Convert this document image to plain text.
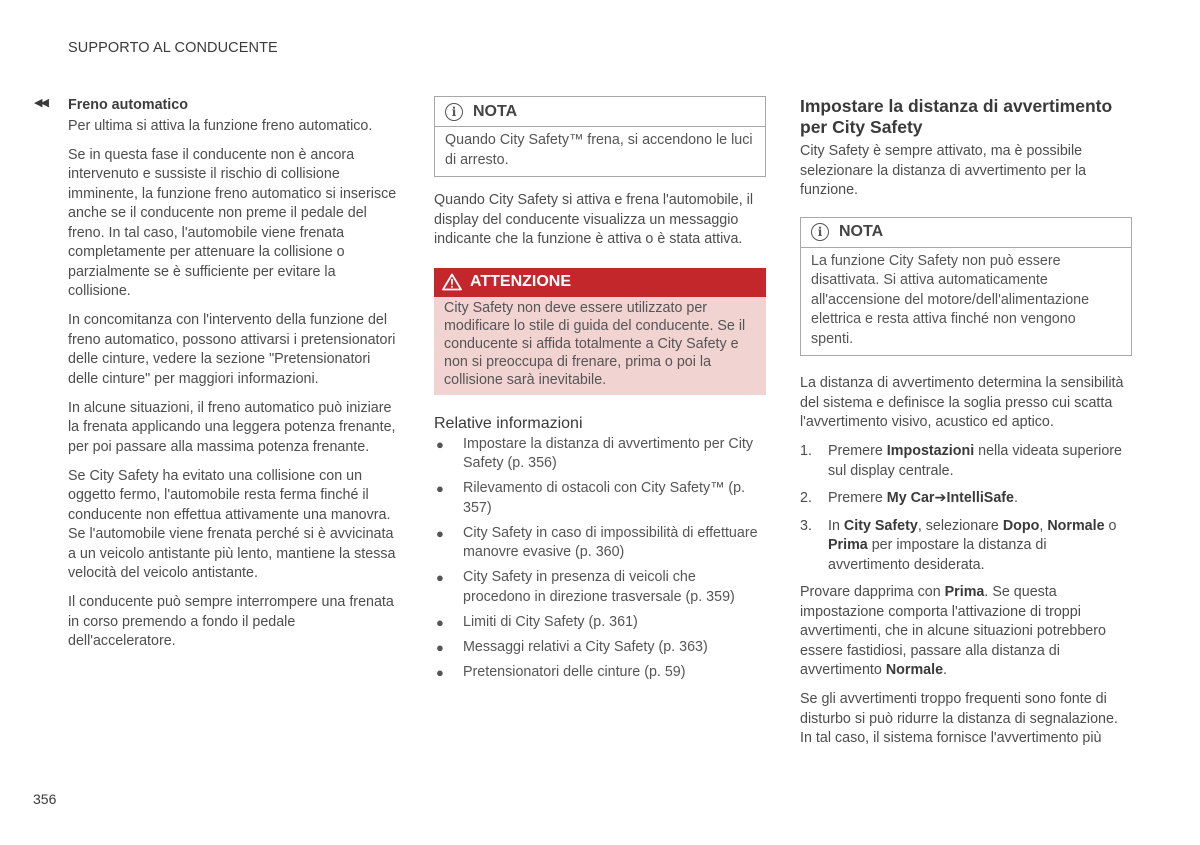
SUPPORTO AL CONDUCENTE
◀◀ Freno automatico

Per ultima si attiva la funzione freno automatico.

Se in questa fase il conducente non è ancora intervenuto e sussiste il rischio di collisione imminente, la funzione freno automatico si inserisce anche se il conducente non preme il pedale del freno. In tal caso, l'automobile viene frenata completamente per attenuare la collisione o parzialmente se è sufficiente per evitare la collisione.

In concomitanza con l'intervento della funzione del freno automatico, possono attivarsi i pretensionatori delle cinture, vedere la sezione "Pretensionatori delle cinture" per maggiori informazioni.

In alcune situazioni, il freno automatico può iniziare la frenata applicando una leggera potenza frenante, per poi passare alla massima potenza frenante.

Se City Safety ha evitato una collisione con un oggetto fermo, l'automobile resta ferma finché il conducente non effettua attivamente una manovra. Se l'automobile viene frenata perché si è avvicinata a un veicolo antistante più lento, mantiene la stessa velocità del veicolo antistante.

Il conducente può sempre interrompere una frenata in corso premendo a fondo il pedale dell'acceleratore.

i	NOTA
Quando City Safety™ frena, si accendono le luci di arresto.

Quando City Safety si attiva e frena l'automobile, il display del conducente visualizza un messaggio indicante che la funzione è attiva o è stata attiva.

ATTENZIONE
City Safety non deve essere utilizzato per modificare lo stile di guida del conducente. Se il conducente si affida totalmente a City Safety e non si preoccupa di frenare, prima o poi la collisione sarà inevitabile.
Relative informazioni
● Impostare la distanza di avvertimento per City Safety (p. 356)
● Rilevamento di ostacoli con City Safety™ (p. 357)
● City Safety in caso di impossibilità di effettuare manovre evasive (p. 360)
● City Safety in presenza di veicoli che procedono in direzione trasversale (p. 359)
● Limiti di City Safety (p. 361)
● Messaggi relativi a City Safety (p. 363)
● Pretensionatori delle cinture (p. 59)
Impostare la distanza di avvertimento per City Safety

City Safety è sempre attivato, ma è possibile selezionare la distanza di avvertimento per la funzione.

i	NOTA
La funzione City Safety non può essere disattivata. Si attiva automaticamente all'accensione del motore/dell'alimentazione elettrica e resta attiva finché non vengono spenti.

La distanza di avvertimento determina la sensibilità del sistema e definisce la soglia presso cui scatta l'avvertimento visivo, acustico ed aptico.

1. Premere Impostazioni nella videata superiore sul display centrale.
2. Premere My Car➔IntelliSafe.
3. In City Safety, selezionare Dopo, Normale o Prima per impostare la distanza di avvertimento desiderata.

Provare dapprima con Prima. Se questa impostazione comporta l'attivazione di troppi avvertimenti, che in alcune situazioni potrebbero essere fastidiosi, passare alla distanza di avvertimento Normale.

Se gli avvertimenti troppo frequenti sono fonte di disturbo si può ridurre la distanza di segnalazione. In tal caso, il sistema fornisce l'avvertimento più

356
